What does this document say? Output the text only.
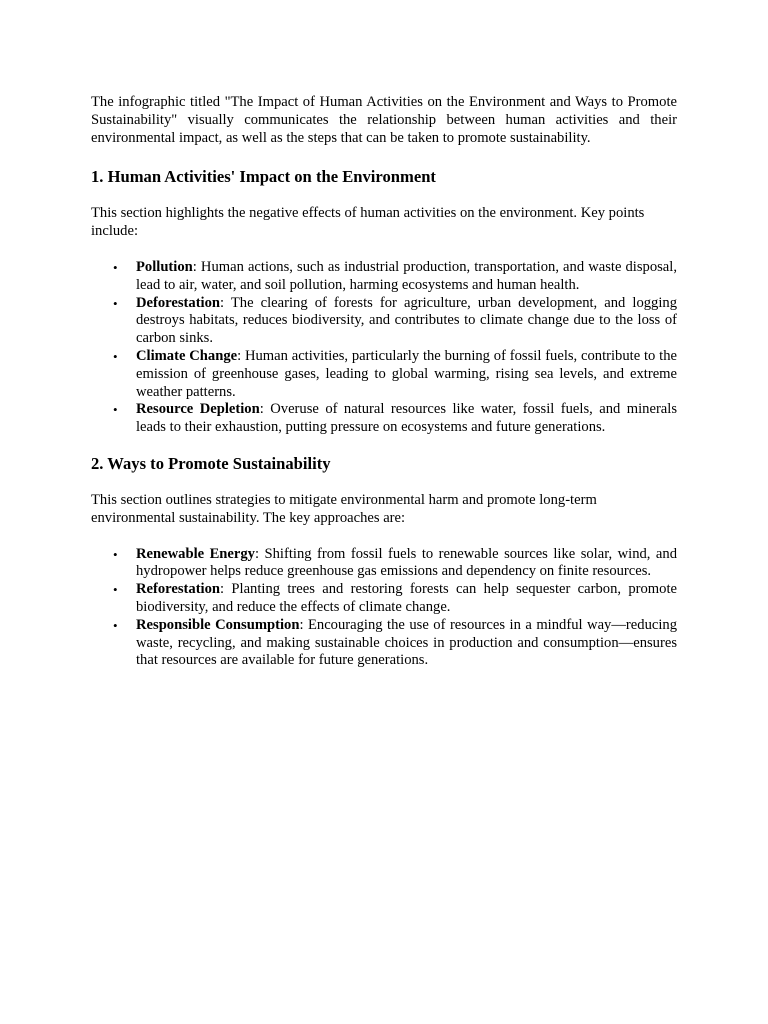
The infographic titled "The Impact of Human Activities on the Environment and Ways to Promote Sustainability" visually communicates the relationship between human activities and their environmental impact, as well as the steps that can be taken to promote sustainability.

1. Human Activities' Impact on the Environment

This section highlights the negative effects of human activities on the environment. Key points include:

• Pollution: Human actions, such as industrial production, transportation, and waste disposal, lead to air, water, and soil pollution, harming ecosystems and human health.
• Deforestation: The clearing of forests for agriculture, urban development, and logging destroys habitats, reduces biodiversity, and contributes to climate change due to the loss of carbon sinks.
• Climate Change: Human activities, particularly the burning of fossil fuels, contribute to the emission of greenhouse gases, leading to global warming, rising sea levels, and extreme weather patterns.
• Resource Depletion: Overuse of natural resources like water, fossil fuels, and minerals leads to their exhaustion, putting pressure on ecosystems and future generations.
2. Ways to Promote Sustainability

This section outlines strategies to mitigate environmental harm and promote long-term environmental sustainability. The key approaches are:

• Renewable Energy: Shifting from fossil fuels to renewable sources like solar, wind, and hydropower helps reduce greenhouse gas emissions and dependency on finite resources.
• Reforestation: Planting trees and restoring forests can help sequester carbon, promote biodiversity, and reduce the effects of climate change.
• Responsible Consumption: Encouraging the use of resources in a mindful way—reducing waste, recycling, and making sustainable choices in production and consumption—ensures that resources are available for future generations.
